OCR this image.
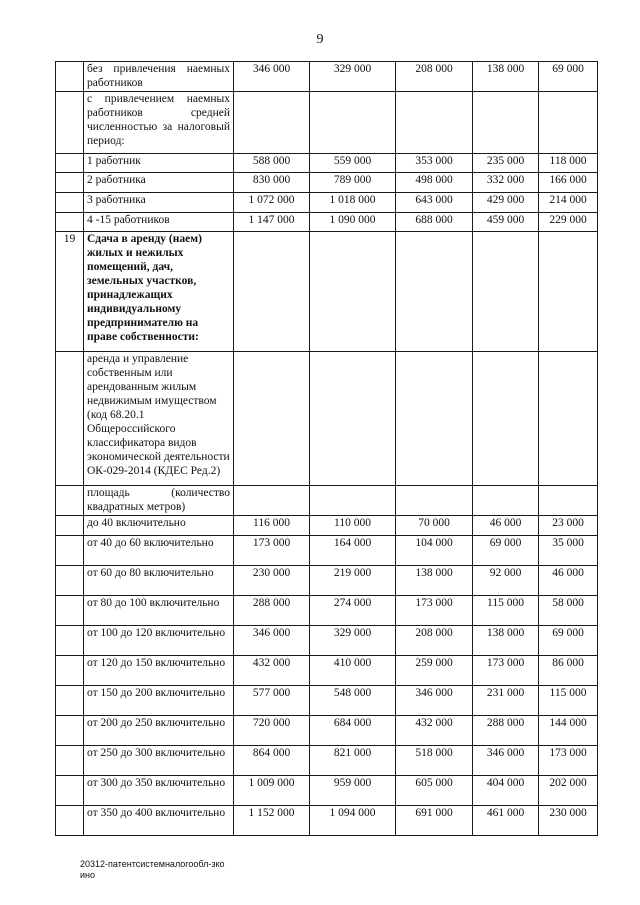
9
	без привлечения наемных работников	346 000	329 000	208 000	138 000	69 000
	с привлечением наемных работников средней численностью за налоговый период:					
	1 работник	588 000	559 000	353 000	235 000	118 000
	2 работника	830 000	789 000	498 000	332 000	166 000
	3 работника	1 072 000	1 018 000	643 000	429 000	214 000
	4 -15 работников	1 147 000	1 090 000	688 000	459 000	229 000
19	Сдача в аренду (наем) жилых и нежилых помещений, дач, земельных участков, принадлежащих индивидуальному предпринимателю на праве собственности:					
	аренда и управление собственным или арендованным жилым недвижимым имуществом (код 68.20.1 Общероссийского классификатора видов экономической деятельности ОК-029-2014 (КДЕС Ред.2)					
	площадь (количество квадратных метров)					
	до 40 включительно	116 000	110 000	70 000	46 000	23 000
	от 40 до 60 включительно	173 000	164 000	104 000	69 000	35 000
	от 60 до 80 включительно	230 000	219 000	138 000	92 000	46 000
	от 80 до 100 включительно	288 000	274 000	173 000	115 000	58 000
	от 100 до 120 включительно	346 000	329 000	208 000	138 000	69 000
	от 120 до 150 включительно	432 000	410 000	259 000	173 000	86 000
	от 150 до 200 включительно	577 000	548 000	346 000	231 000	115 000
	от 200 до 250 включительно	720 000	684 000	432 000	288 000	144 000
	от 250 до 300 включительно	864 000	821 000	518 000	346 000	173 000
	от 300 до 350 включительно	1 009 000	959 000	605 000	404 000	202 000
	от 350 до 400 включительно	1 152 000	1 094 000	691 000	461 000	230 000
20312-патентсистемналогообл-зко
ино
